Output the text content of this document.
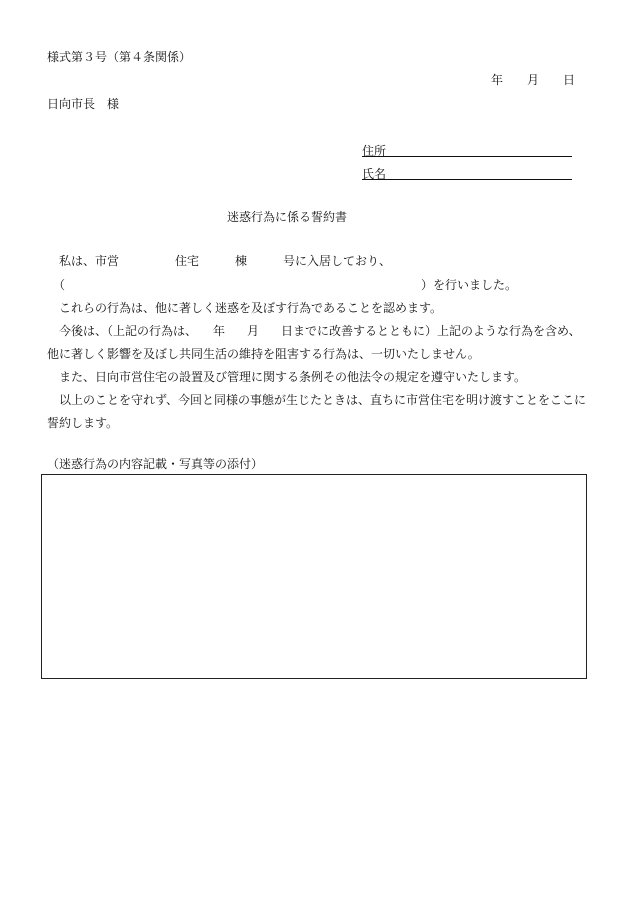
様式第３号（第４条関係）
年 月 日
日向市長　様
住所
氏名
迷惑行為に係る誓約書
私は、市営	住宅	棟	号に入居しており、
（	）を行いました。
これらの行為は、他に著しく迷惑を及ぼす行為であることを認めます。
今後は、（上記の行為は、 年 月 日までに改善するとともに）上記のような行為を含め、
他に著しく影響を及ぼし共同生活の維持を阻害する行為は、一切いたしません。
また、日向市営住宅の設置及び管理に関する条例その他法令の規定を遵守いたします。
以上のことを守れず、今回と同様の事態が生じたときは、直ちに市営住宅を明け渡すことをここに
誓約します。
（迷惑行為の内容記載・写真等の添付）
